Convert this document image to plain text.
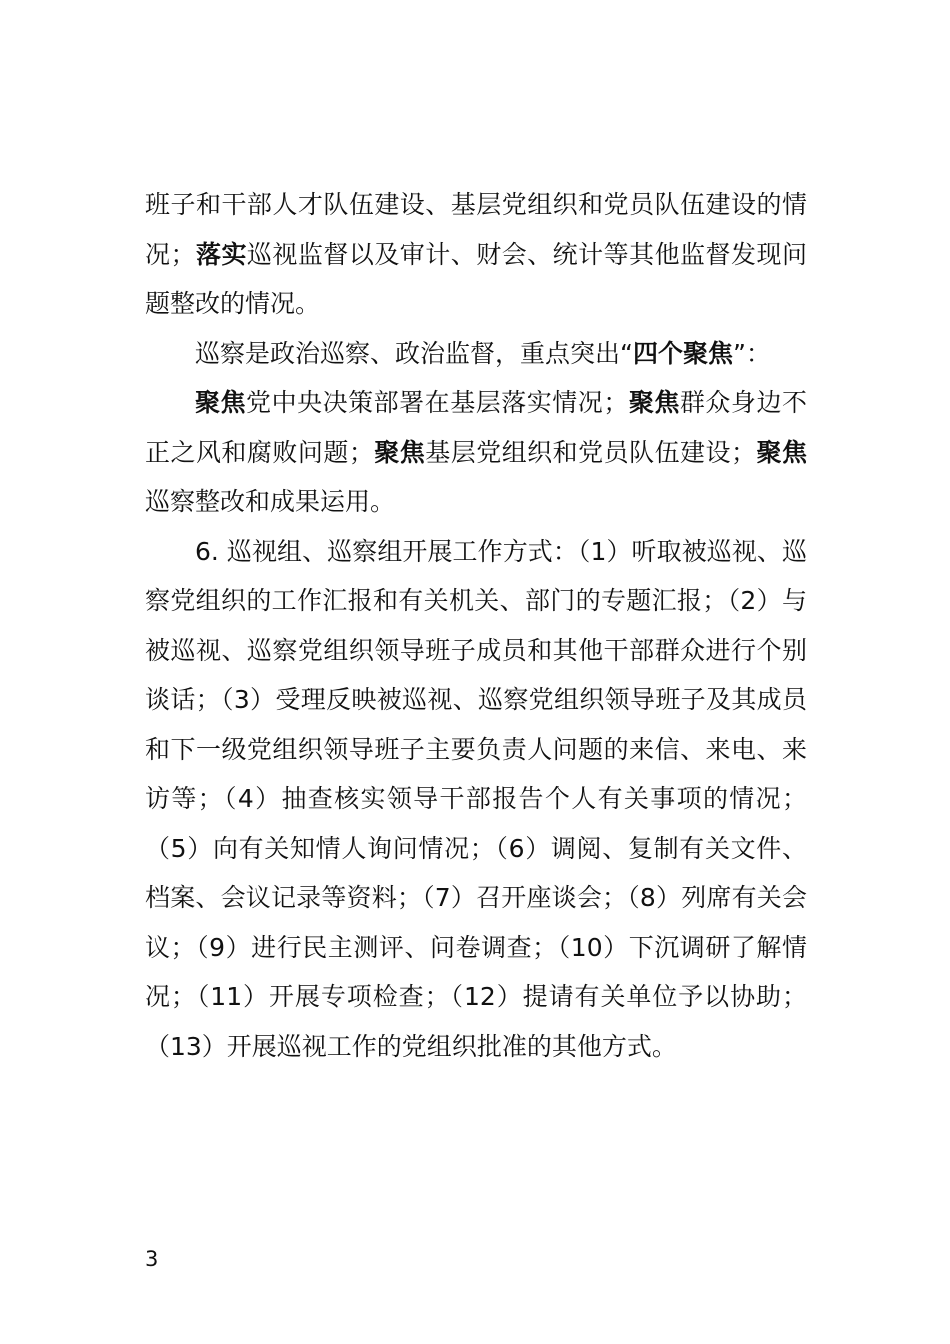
班子和干部人才队伍建设、基层党组织和党员队伍建设的情况；落实巡视监督以及审计、财会、统计等其他监督发现问题整改的情况。

巡察是政治巡察、政治监督，重点突出“四个聚焦”：

聚焦党中央决策部署在基层落实情况；聚焦群众身边不正之风和腐败问题；聚焦基层党组织和党员队伍建设；聚焦巡察整改和成果运用。

6. 巡视组、巡察组开展工作方式：（1）听取被巡视、巡察党组织的工作汇报和有关机关、部门的专题汇报；（2）与被巡视、巡察党组织领导班子成员和其他干部群众进行个别谈话；（3）受理反映被巡视、巡察党组织领导班子及其成员和下一级党组织领导班子主要负责人问题的来信、来电、来访等；（4）抽查核实领导干部报告个人有关事项的情况；（5）向有关知情人询问情况；（6）调阅、复制有关文件、档案、会议记录等资料；（7）召开座谈会；（8）列席有关会议；（9）进行民主测评、问卷调查；（10）下沉调研了解情况；（11）开展专项检查；（12）提请有关单位予以协助；（13）开展巡视工作的党组织批准的其他方式。

3
